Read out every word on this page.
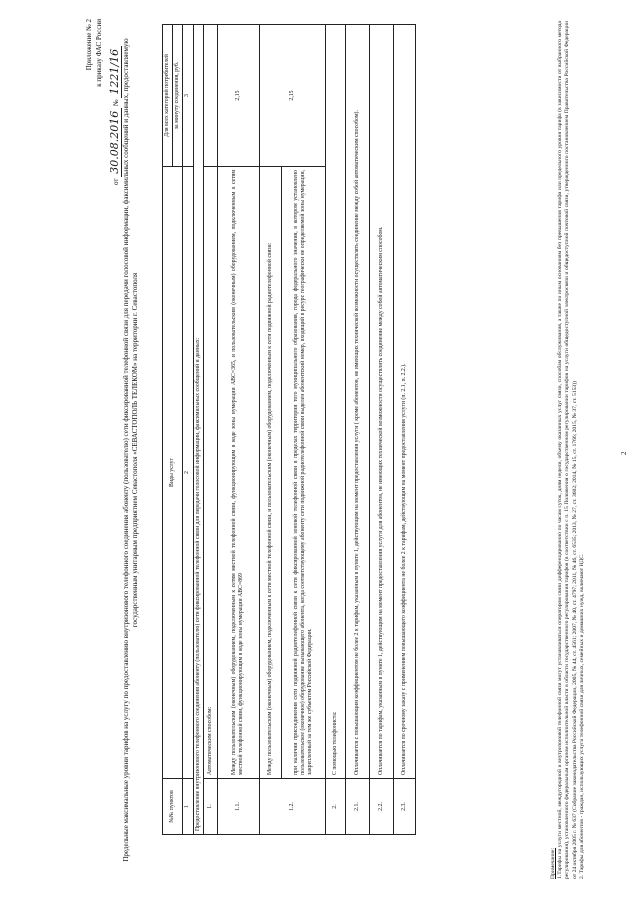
Приложение № 2 к приказу ФАС России
от 30.08.2016 № 1221/16 Предельные максимальные уровни тарифов на услугу по предоставлению внутризонового телефонного соединения абоненту (пользователю) сети фиксированной телефонной связи для передачи голосовой информации, факсимильных сообщений и данных, предоставляемую государственным унитарным предприятием Севастополя «СЕВАСТОПОЛЬ ТЕЛЕКОМ» на территории г. Севастополя
№№ пунктов	Виды услуг	Для всех категорий потребителей
		за минуту соединения, руб.
1	2	3
Предоставление внутризонового телефонного соединения абоненту (пользователю) сети фиксированной телефонной связи для передачи голосовой информации, факсимильных сообщений и данных:		
1.	Автоматическим способом:	
1.1.	Между пользовательским (оконечным) оборудованием, подключенным к сетям местной телефонной связи, функционирующим в коде зоны нумерации ABC=365, и пользовательским (оконечным) оборудованием, подключенным к сетям местной телефонной связи, функционирующим в коде зоны нумерации ABC=869	2,15
1.2.	Между пользовательским (оконечным) оборудованием, подключенным к сети местной телефонной связи, и пользовательским (оконечным) оборудованием, подключенным к сети подвижной радиотелефонной связи:	2,15
	при наличии присоединения сети подвижной радиотелефонной связи к сети фиксированной зоновой телефонной связи в пределах территории того муниципального образования, города федерального значения, в котором установлено пользовательское (оконечное) оборудование вызывающего абонента, когда соответствующему абоненту сети подвижной радиотелефонной связи выделен абонентский номер, входящий в ресурс географически не определяемой зоны нумерации, закрепленный за тем же субъектом Российской Федерации.	
2.	С помощью телефониста:	
2.1.	Оплачивается с повышающим коэффициентом не более 2 к тарифам, указанным в пункте 1, действующим на момент предоставления услуги ( кроме абонентов, не имеющих технической возможности осуществлять соединение между собой автоматическим способом).	
2.2.	Оплачивается по тарифам, указанным в пункте 1, действующим на момент предоставления услуги для абонентов, не имеющих технической возможности осуществлять соединение между собой автоматическим способом.	
2.3.	Оплачивается по срочному заказу с применением повышающего коэффициента не более 2 к тарифам, действующим на момент предоставления услуги (п. 2.1, п. 2.2.).	
Примечание: 1.Тарифы на услуги местной, междугородной и внутризоновой телефонной связи могут устанавливаться оператором связи дифференцированно по часам суток, дням недели, объему оказанных услуг связи, способам обслуживания, а также по иным основаниям без превышения тарифа или предельного уровня тарифа (в зависимости от выбранного метода регулирования), установленного федеральным органом исполнительной власти в области государственного регулирования тарифов (в соответствии с п. 15 Положения о государственном регулировании тарифов на услуги общедоступной электросвязи и общедоступной почтовой связи, утвержденного постановлением Правительства Российской Федерации от 24 октября 2005 г. № 637 (Собрание законодательства Российской Федерации, 2005, № 44, ст. 4561; 2007, № 40, ст. 4797; 2011, № 46, ст. 6535; 2013, № 27, ст. 3602; 2014, № 15, ст. 1766; 2015, № 37, ст. 5153)) 2. Тарифы для абонентов - граждан, использующих услуги телефонной связи для личных, семейных и домашних нужд, включают НДС.
2
